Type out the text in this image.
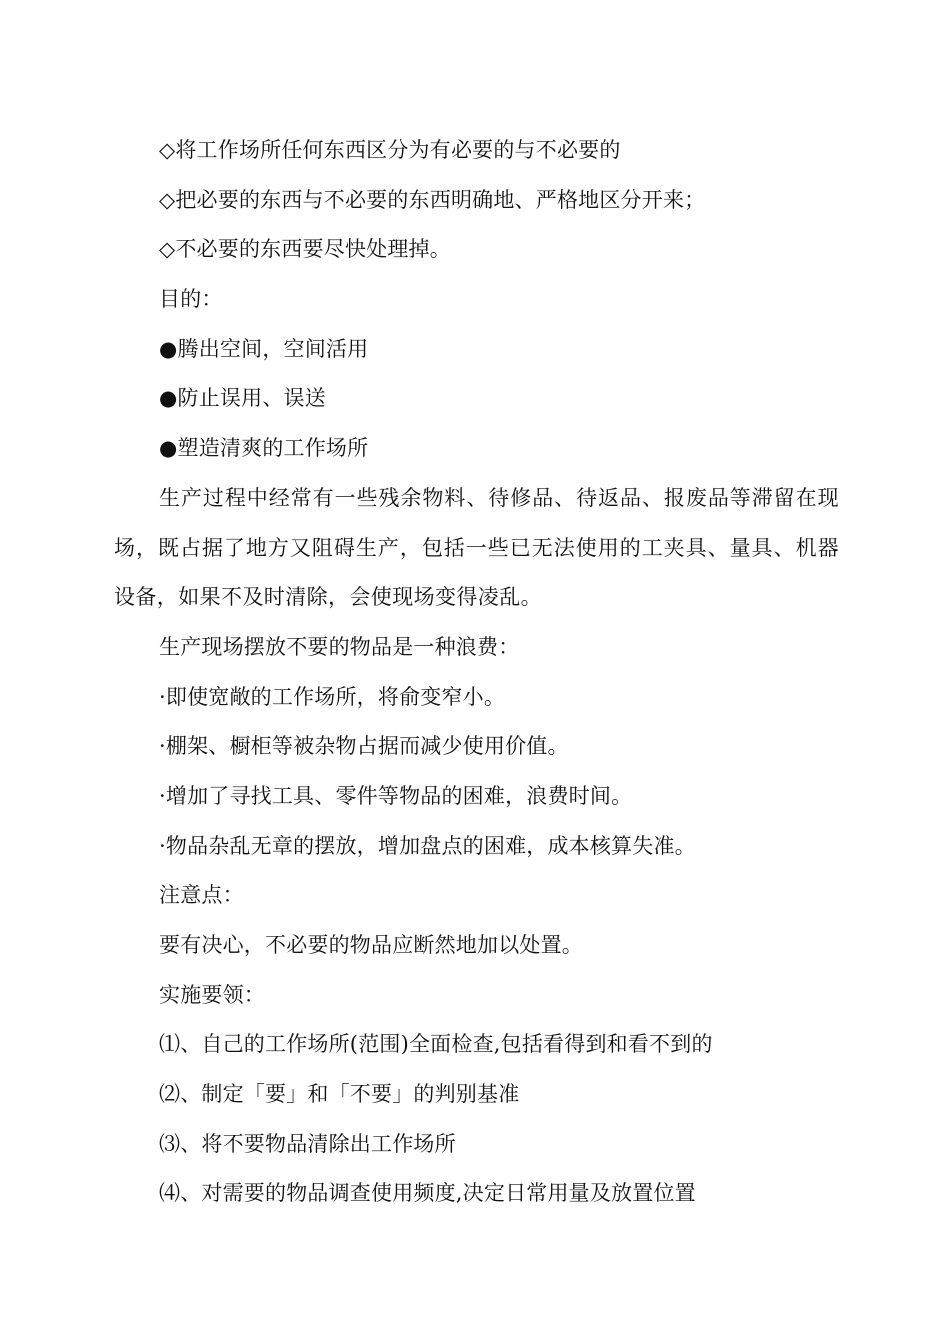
◇将工作场所任何东西区分为有必要的与不必要的
◇把必要的东西与不必要的东西明确地、严格地区分开来；
◇不必要的东西要尽快处理掉。
目的：
●腾出空间，空间活用
●防止误用、误送
●塑造清爽的工作场所

生产过程中经常有一些残余物料、待修品、待返品、报废品等滞留在现场，既占据了地方又阻碍生产，包括一些已无法使用的工夹具、量具、机器设备，如果不及时清除，会使现场变得凌乱。

生产现场摆放不要的物品是一种浪费：
·即使宽敞的工作场所，将俞变窄小。
·棚架、橱柜等被杂物占据而减少使用价值。
·增加了寻找工具、零件等物品的困难，浪费时间。
·物品杂乱无章的摆放，增加盘点的困难，成本核算失准。
注意点：
要有决心，不必要的物品应断然地加以处置。
实施要领：
⑴、自己的工作场所(范围)全面检查,包括看得到和看不到的
⑵、制定「要」和「不要」的判别基准
⑶、将不要物品清除出工作场所
⑷、对需要的物品调查使用频度,决定日常用量及放置位置
